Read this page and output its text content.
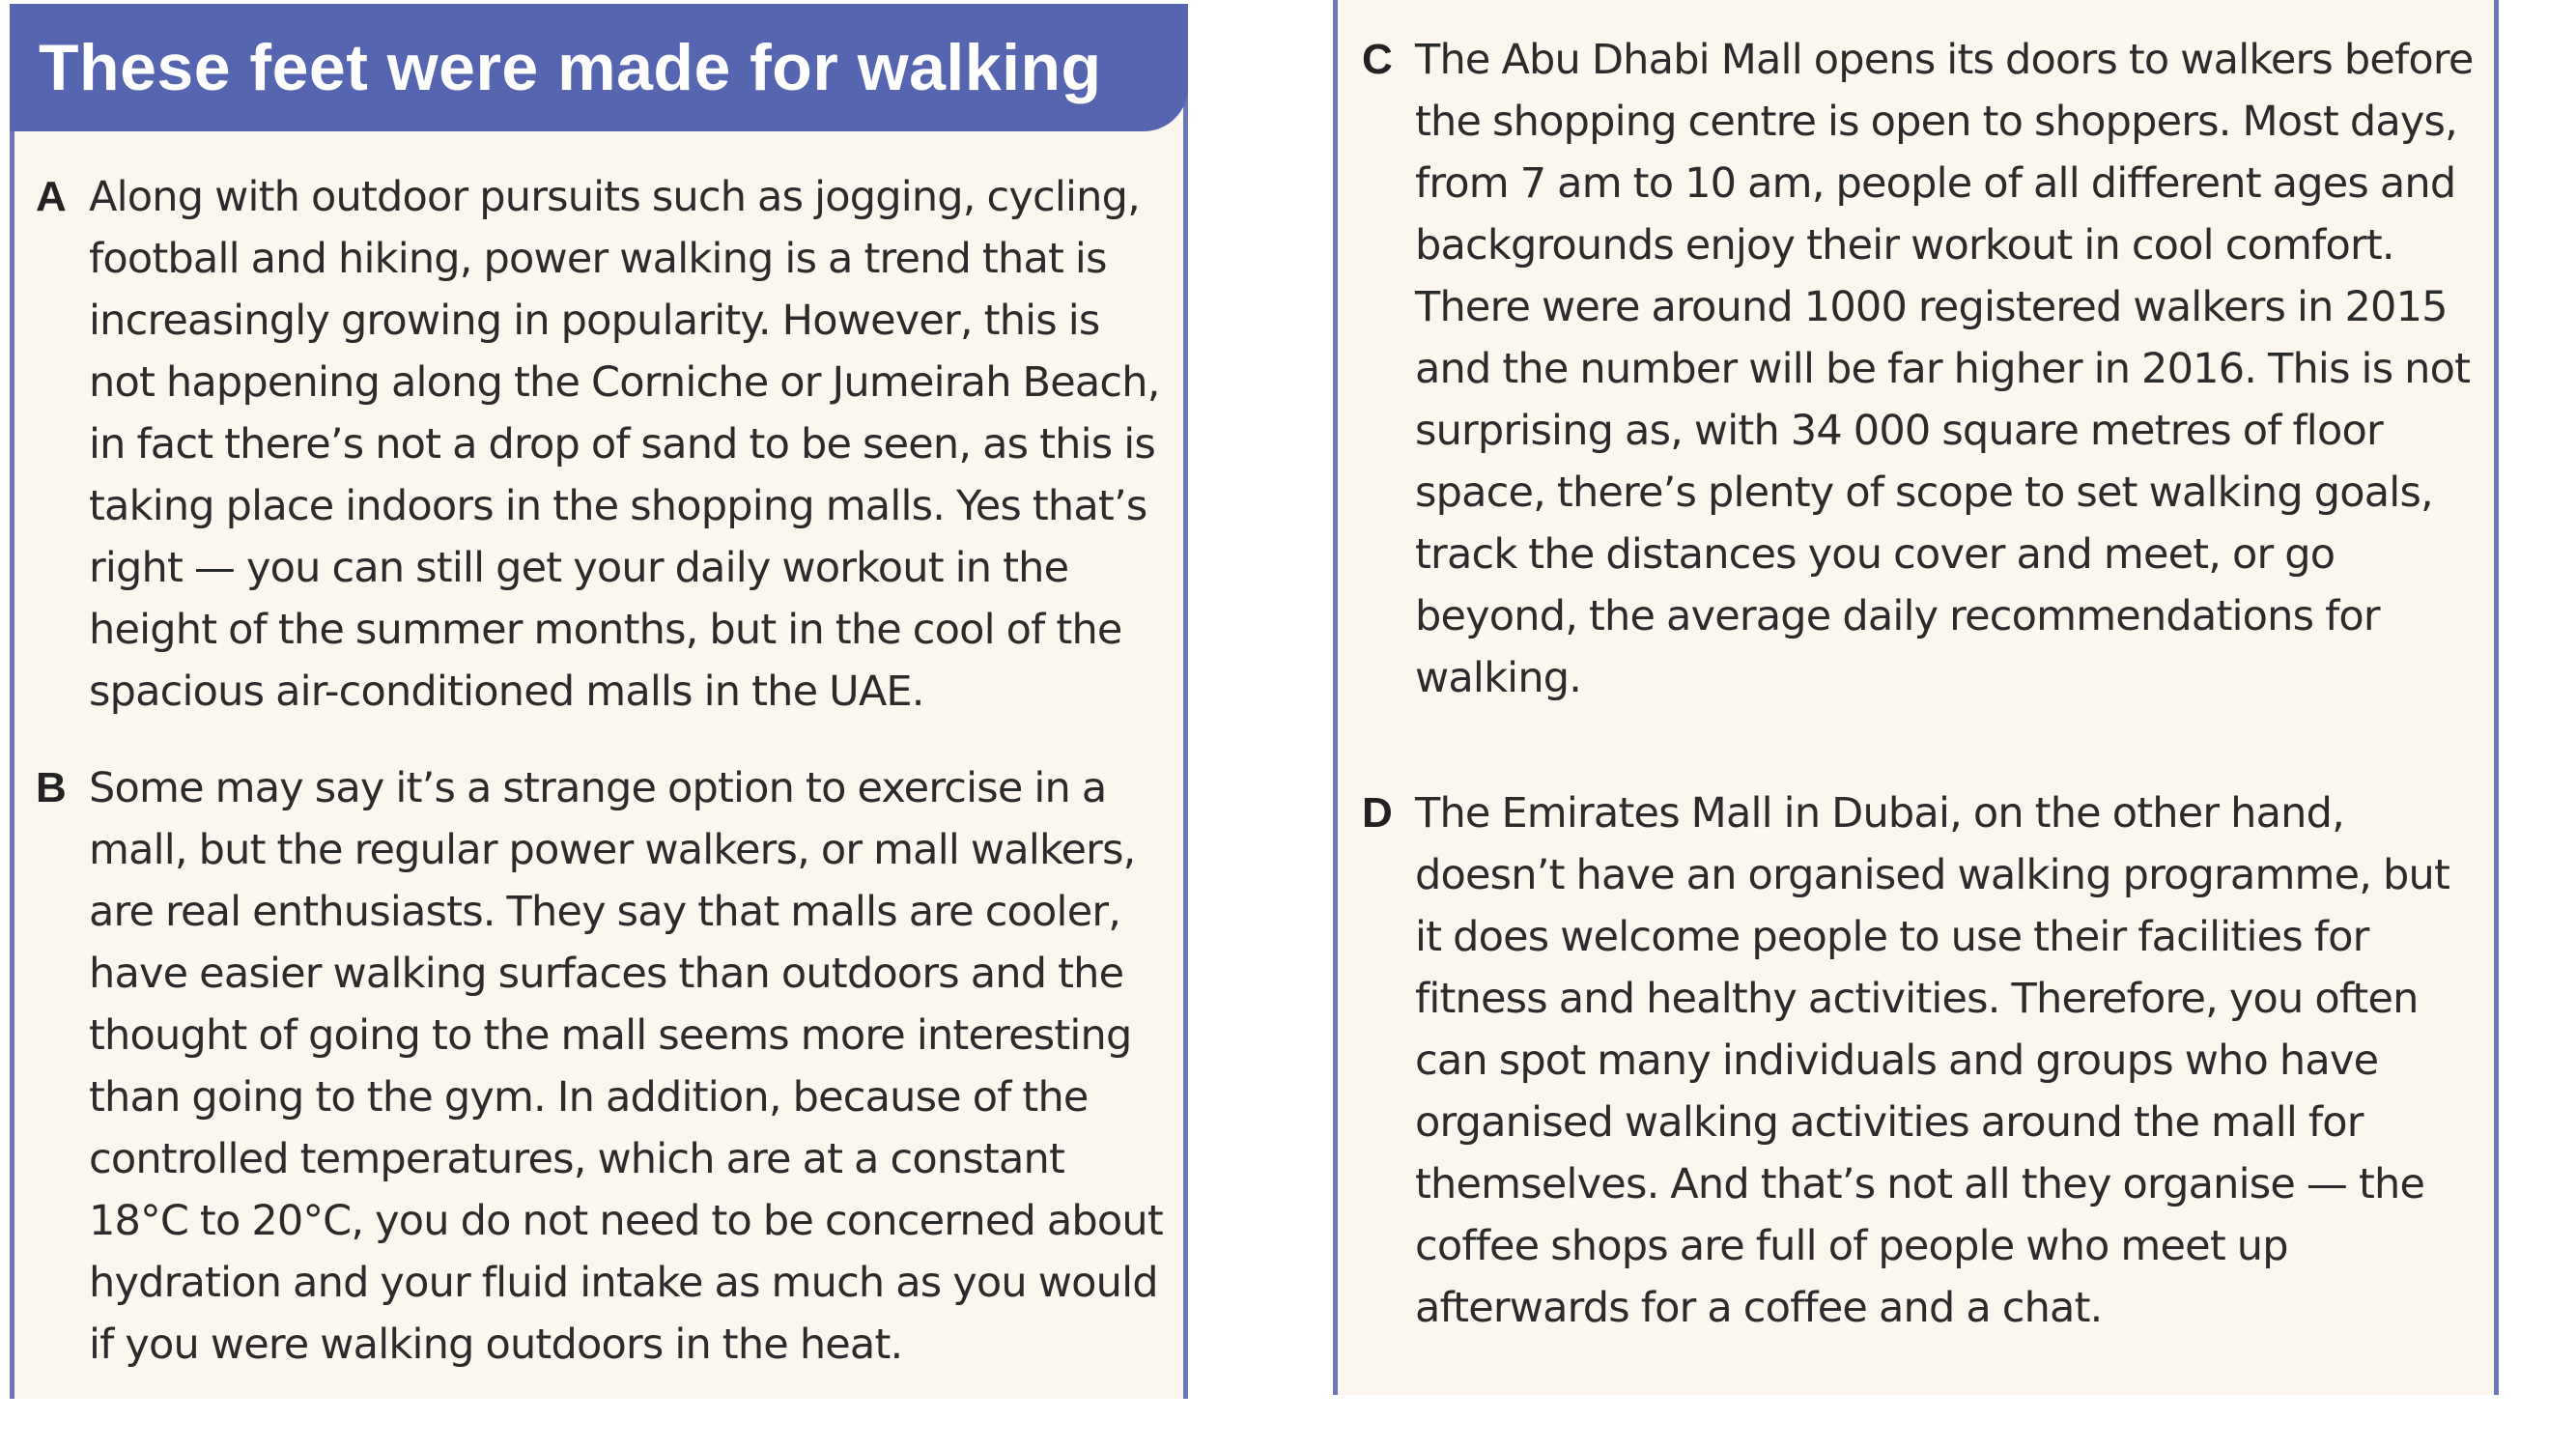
These feet were made for walking
A Along with outdoor pursuits such as jogging, cycling, football and hiking, power walking is a trend that is increasingly growing in popularity. However, this is not happening along the Corniche or Jumeirah Beach, in fact there’s not a drop of sand to be seen, as this is taking place indoors in the shopping malls. Yes that’s right — you can still get your daily workout in the height of the summer months, but in the cool of the spacious air-conditioned malls in the UAE.

B Some may say it’s a strange option to exercise in a mall, but the regular power walkers, or mall walkers, are real enthusiasts. They say that malls are cooler, have easier walking surfaces than outdoors and the thought of going to the mall seems more interesting than going to the gym. In addition, because of the controlled temperatures, which are at a constant 18°C to 20°C, you do not need to be concerned about hydration and your fluid intake as much as you would if you were walking outdoors in the heat.

C The Abu Dhabi Mall opens its doors to walkers before the shopping centre is open to shoppers. Most days, from 7 am to 10 am, people of all different ages and backgrounds enjoy their workout in cool comfort. There were around 1000 registered walkers in 2015 and the number will be far higher in 2016. This is not surprising as, with 34 000 square metres of floor space, there’s plenty of scope to set walking goals, track the distances you cover and meet, or go beyond, the average daily recommendations for walking.

D The Emirates Mall in Dubai, on the other hand, doesn’t have an organised walking programme, but it does welcome people to use their facilities for fitness and healthy activities. Therefore, you often can spot many individuals and groups who have organised walking activities around the mall for themselves. And that’s not all they organise — the coffee shops are full of people who meet up afterwards for a coffee and a chat.
